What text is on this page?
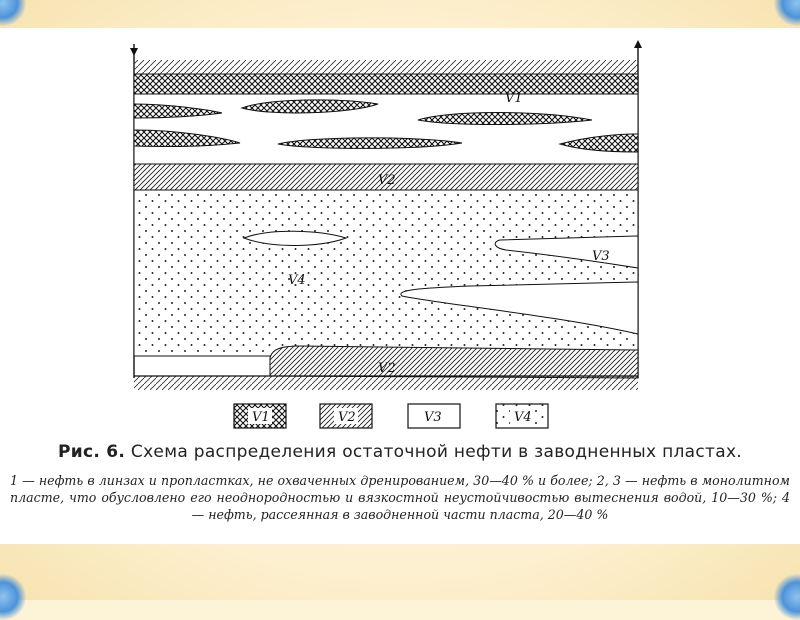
V1
V2
V3
V4
V2
V1	V2	V3	V4
Рис. 6. Схема распределения остаточной нефти в заводненных пластах.
1 — нефть в линзах и пропластках, не охваченных дренированием, 30—40 % и более; 2, 3 — нефть в монолитном пласте, что обусловлено его неоднородностью и вязкостной неустойчивостью вытеснения водой, 10—30 %; 4 — нефть, рассеянная в заводненной части пласта, 20—40 %
